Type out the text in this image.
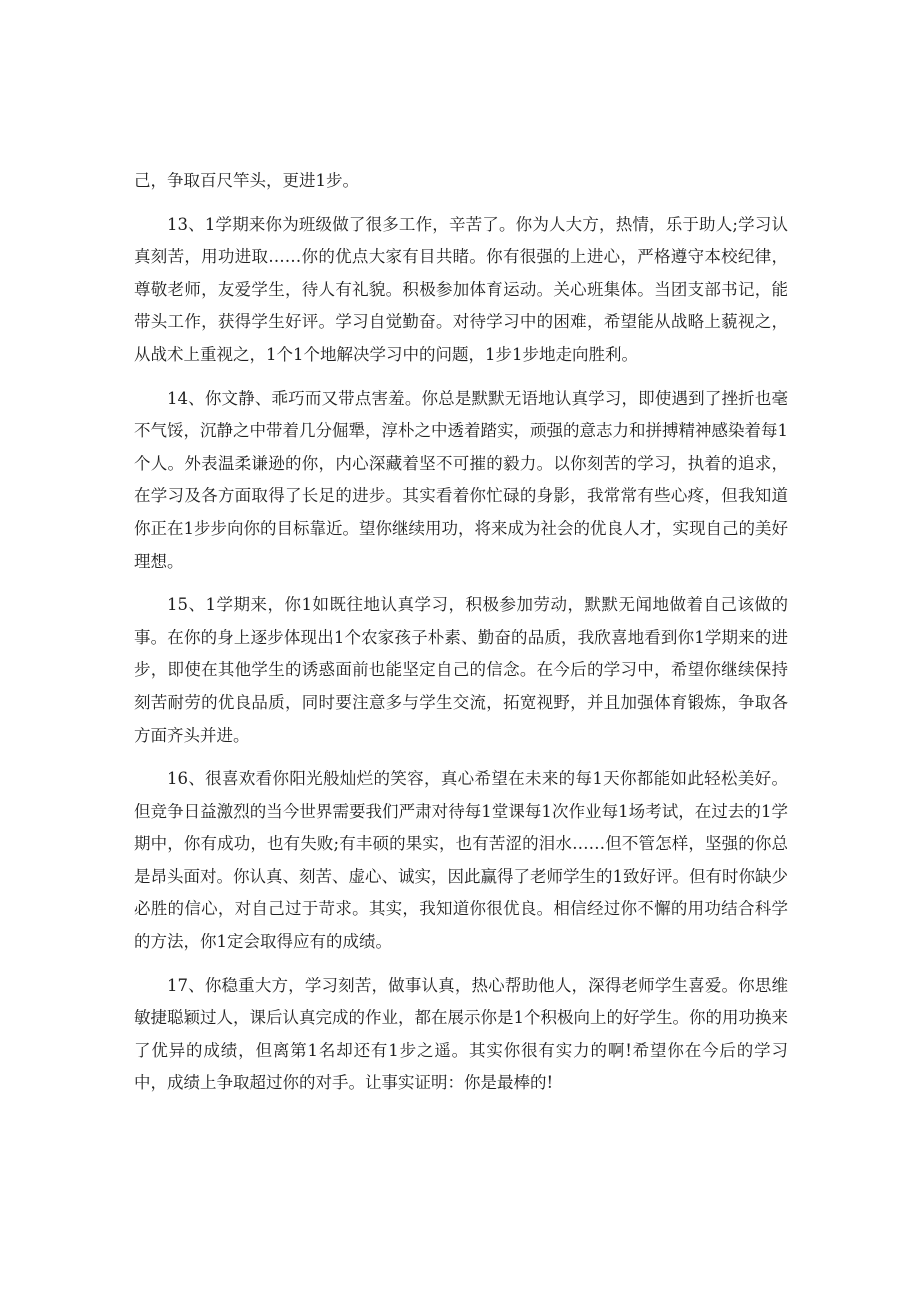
己，争取百尺竿头，更进1步。

13、1学期来你为班级做了很多工作，辛苦了。你为人大方，热情，乐于助人;学习认真刻苦，用功进取……你的优点大家有目共睹。你有很强的上进心，严格遵守本校纪律，尊敬老师，友爱学生，待人有礼貌。积极参加体育运动。关心班集体。当团支部书记，能带头工作，获得学生好评。学习自觉勤奋。对待学习中的困难，希望能从战略上藐视之，从战术上重视之，1个1个地解决学习中的问题，1步1步地走向胜利。

14、你文静、乖巧而又带点害羞。你总是默默无语地认真学习，即使遇到了挫折也毫不气馁，沉静之中带着几分倔犟，淳朴之中透着踏实，顽强的意志力和拼搏精神感染着每1个人。外表温柔谦逊的你，内心深藏着坚不可摧的毅力。以你刻苦的学习，执着的追求，在学习及各方面取得了长足的进步。其实看着你忙碌的身影，我常常有些心疼，但我知道你正在1步步向你的目标靠近。望你继续用功，将来成为社会的优良人才，实现自己的美好理想。

15、1学期来，你1如既往地认真学习，积极参加劳动，默默无闻地做着自己该做的事。在你的身上逐步体现出1个农家孩子朴素、勤奋的品质，我欣喜地看到你1学期来的进步，即使在其他学生的诱惑面前也能坚定自己的信念。在今后的学习中，希望你继续保持刻苦耐劳的优良品质，同时要注意多与学生交流，拓宽视野，并且加强体育锻炼，争取各方面齐头并进。

16、很喜欢看你阳光般灿烂的笑容，真心希望在未来的每1天你都能如此轻松美好。但竞争日益激烈的当今世界需要我们严肃对待每1堂课每1次作业每1场考试，在过去的1学期中，你有成功，也有失败;有丰硕的果实，也有苦涩的泪水……但不管怎样，坚强的你总是昂头面对。你认真、刻苦、虚心、诚实，因此赢得了老师学生的1致好评。但有时你缺少必胜的信心，对自己过于苛求。其实，我知道你很优良。相信经过你不懈的用功结合科学的方法，你1定会取得应有的成绩。

17、你稳重大方，学习刻苦，做事认真，热心帮助他人，深得老师学生喜爱。你思维敏捷聪颖过人，课后认真完成的作业，都在展示你是1个积极向上的好学生。你的用功换来了优异的成绩，但离第1名却还有1步之遥。其实你很有实力的啊!希望你在今后的学习中，成绩上争取超过你的对手。让事实证明：你是最棒的!
